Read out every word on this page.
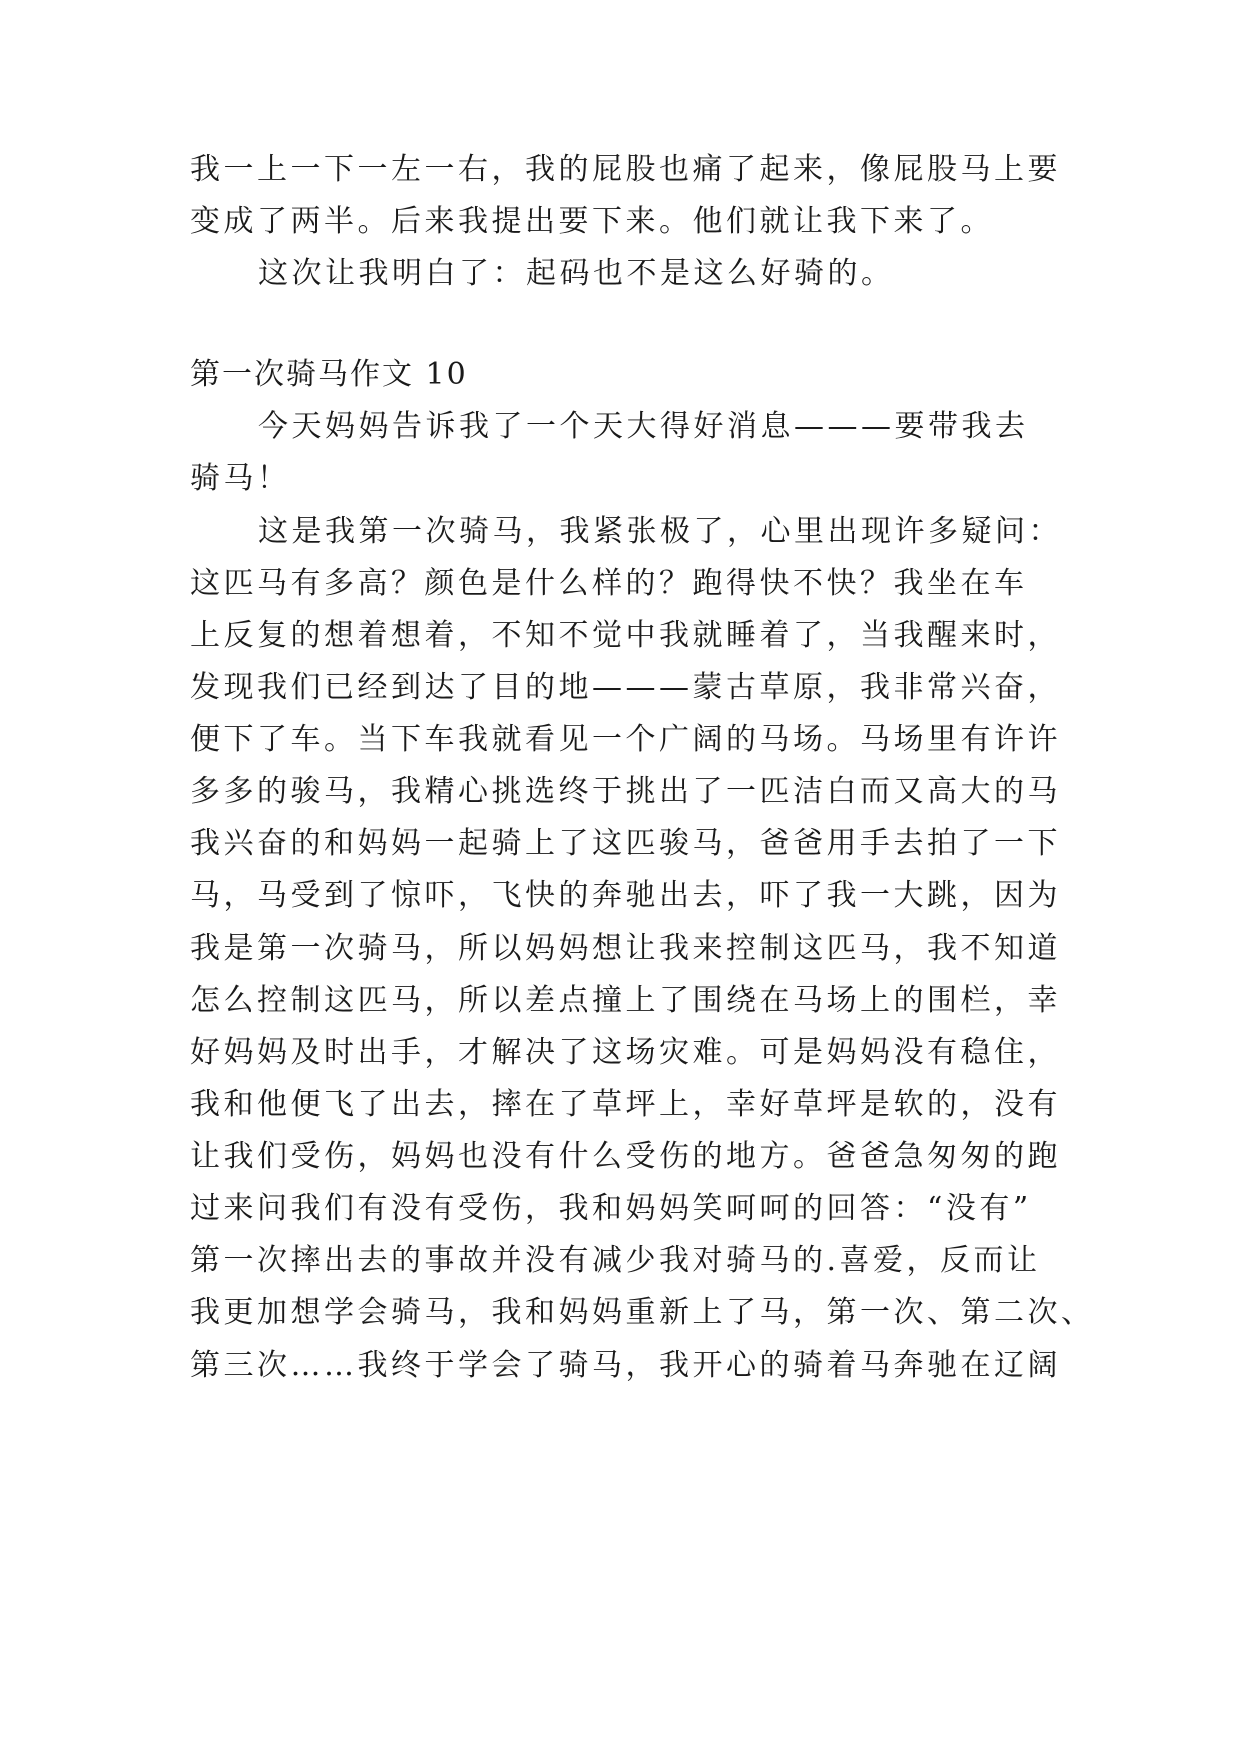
我一上一下一左一右，我的屁股也痛了起来，像屁股马上要

变成了两半。后来我提出要下来。他们就让我下来了。

这次让我明白了：起码也不是这么好骑的。

第一次骑马作文 10

今天妈妈告诉我了一个天大得好消息———要带我去

骑马！

这是我第一次骑马，我紧张极了，心里出现许多疑问：

这匹马有多高？颜色是什么样的？跑得快不快？我坐在车

上反复的想着想着，不知不觉中我就睡着了，当我醒来时，

发现我们已经到达了目的地———蒙古草原，我非常兴奋，

便下了车。当下车我就看见一个广阔的马场。马场里有许许

多多的骏马，我精心挑选终于挑出了一匹洁白而又高大的马

我兴奋的和妈妈一起骑上了这匹骏马，爸爸用手去拍了一下

马，马受到了惊吓，飞快的奔驰出去，吓了我一大跳，因为

我是第一次骑马，所以妈妈想让我来控制这匹马，我不知道

怎么控制这匹马，所以差点撞上了围绕在马场上的围栏，幸

好妈妈及时出手，才解决了这场灾难。可是妈妈没有稳住，

我和他便飞了出去，摔在了草坪上，幸好草坪是软的，没有

让我们受伤，妈妈也没有什么受伤的地方。爸爸急匆匆的跑

过来问我们有没有受伤，我和妈妈笑呵呵的回答：“没有”

第一次摔出去的事故并没有减少我对骑马的.喜爱，反而让

我更加想学会骑马，我和妈妈重新上了马，第一次、第二次、

第三次……我终于学会了骑马，我开心的骑着马奔驰在辽阔
